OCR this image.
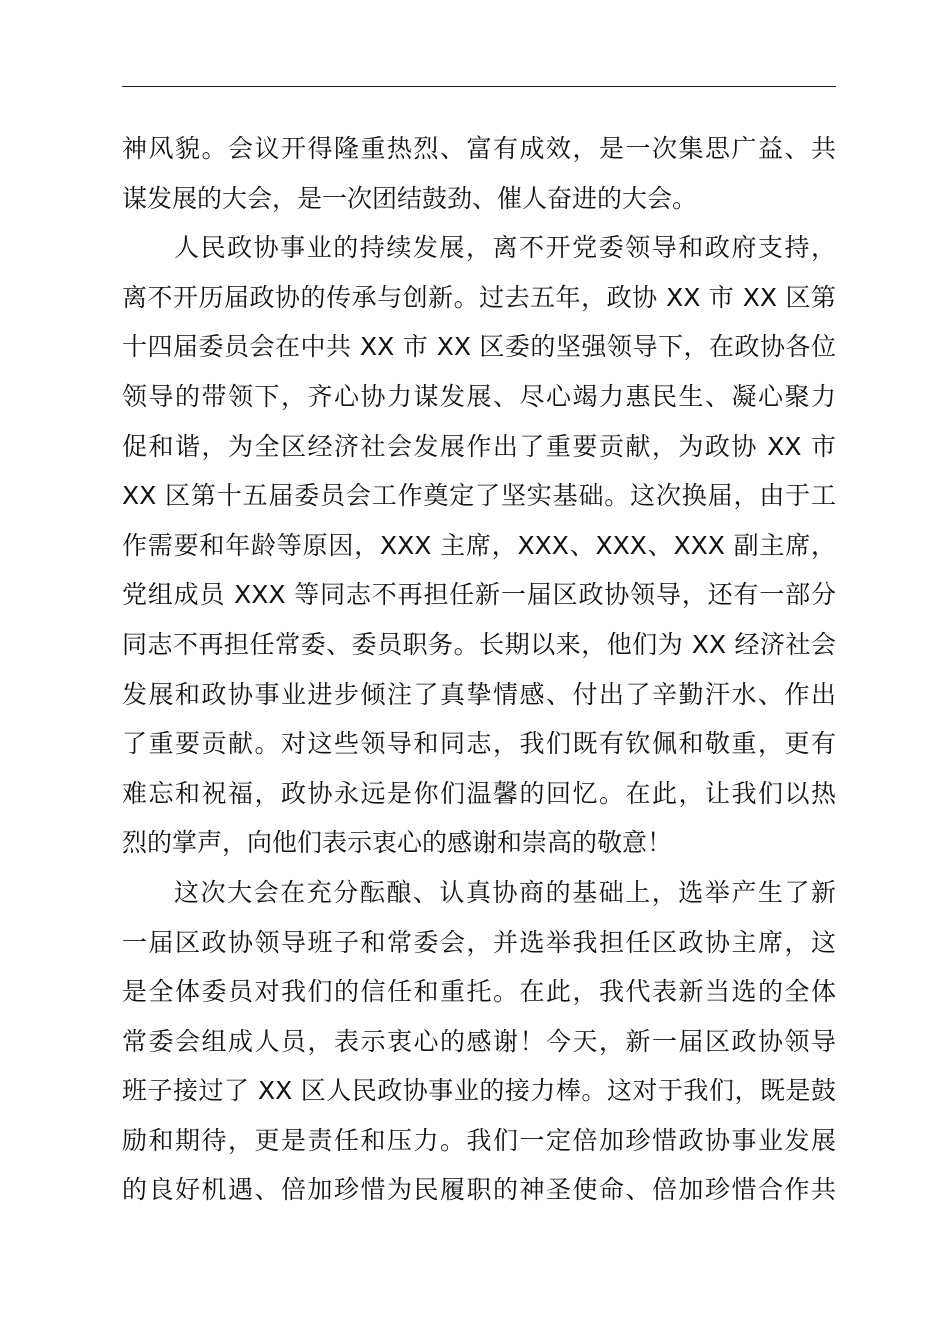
神风貌。会议开得隆重热烈、富有成效，是一次集思广益、共
谋发展的大会，是一次团结鼓劲、催人奋进的大会。
人民政协事业的持续发展，离不开党委领导和政府支持，
离不开历届政协的传承与创新。过去五年，政协 XX 市 XX 区第
十四届委员会在中共 XX 市 XX 区委的坚强领导下，在政协各位
领导的带领下，齐心协力谋发展、尽心竭力惠民生、凝心聚力
促和谐，为全区经济社会发展作出了重要贡献，为政协 XX 市
XX 区第十五届委员会工作奠定了坚实基础。这次换届，由于工
作需要和年龄等原因，XXX 主席，XXX、XXX、XXX 副主席，
党组成员 XXX 等同志不再担任新一届区政协领导，还有一部分
同志不再担任常委、委员职务。长期以来，他们为 XX 经济社会
发展和政协事业进步倾注了真挚情感、付出了辛勤汗水、作出
了重要贡献。对这些领导和同志，我们既有钦佩和敬重，更有
难忘和祝福，政协永远是你们温馨的回忆。在此，让我们以热
烈的掌声，向他们表示衷心的感谢和崇高的敬意！
这次大会在充分酝酿、认真协商的基础上，选举产生了新
一届区政协领导班子和常委会，并选举我担任区政协主席，这
是全体委员对我们的信任和重托。在此，我代表新当选的全体
常委会组成人员，表示衷心的感谢！今天，新一届区政协领导
班子接过了 XX 区人民政协事业的接力棒。这对于我们，既是鼓
励和期待，更是责任和压力。我们一定倍加珍惜政协事业发展
的良好机遇、倍加珍惜为民履职的神圣使命、倍加珍惜合作共
